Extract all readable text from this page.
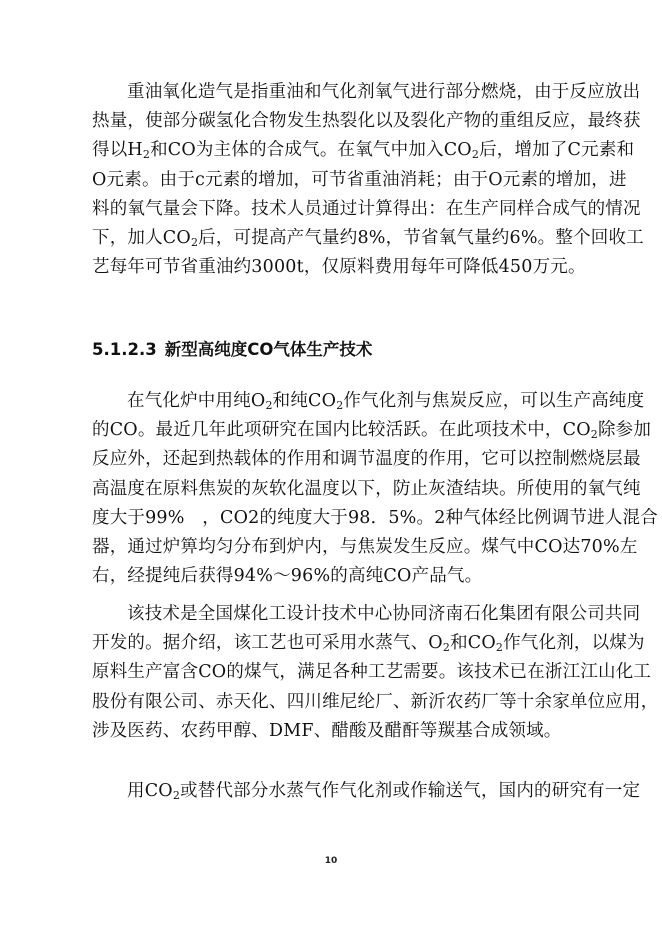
重油氧化造气是指重油和气化剂氧气进行部分燃烧，由于反应放出
热量，使部分碳氢化合物发生热裂化以及裂化产物的重组反应，最终获
得以$H_2$和CO为主体的合成气。在氧气中加入$CO_2$后，增加了C元素和
O元素。由于c元素的增加，可节省重油消耗；由于O元素的增加，进
料的氧气量会下降。技术人员通过计算得出：在生产同样合成气的情况
下，加人$CO_2$后，可提高产气量约8%，节省氧气量约6%。整个回收工
艺每年可节省重油约3000t，仅原料费用每年可降低450万元。

5.1.2.3 新型高纯度CO气体生产技术

在气化炉中用纯$O_2$和纯$CO_2$作气化剂与焦炭反应，可以生产高纯度
的CO。最近几年此项研究在国内比较活跃。在此项技术中，$CO_2$除参加
反应外，还起到热载体的作用和调节温度的作用，它可以控制燃烧层最
高温度在原料焦炭的灰软化温度以下，防止灰渣结块。所使用的氧气纯
度大于99%　，CO2的纯度大于98．5%。2种气体经比例调节进人混合
器，通过炉箅均匀分布到炉内，与焦炭发生反应。煤气中CO达70%左
右，经提纯后获得94%～96%的高纯CO产品气。

该技术是全国煤化工设计技术中心协同济南石化集团有限公司共同
开发的。据介绍，该工艺也可采用水蒸气、$O_2$和$CO_2$作气化剂，以煤为
原料生产富含CO的煤气，满足各种工艺需要。该技术已在浙江江山化工
股份有限公司、赤天化、四川维尼纶厂、新沂农药厂等十余家单位应用，
涉及医药、农药甲醇、DMF、醋酸及醋酐等羰基合成领域。

用$CO_2$或替代部分水蒸气作气化剂或作输送气，国内的研究有一定

10
